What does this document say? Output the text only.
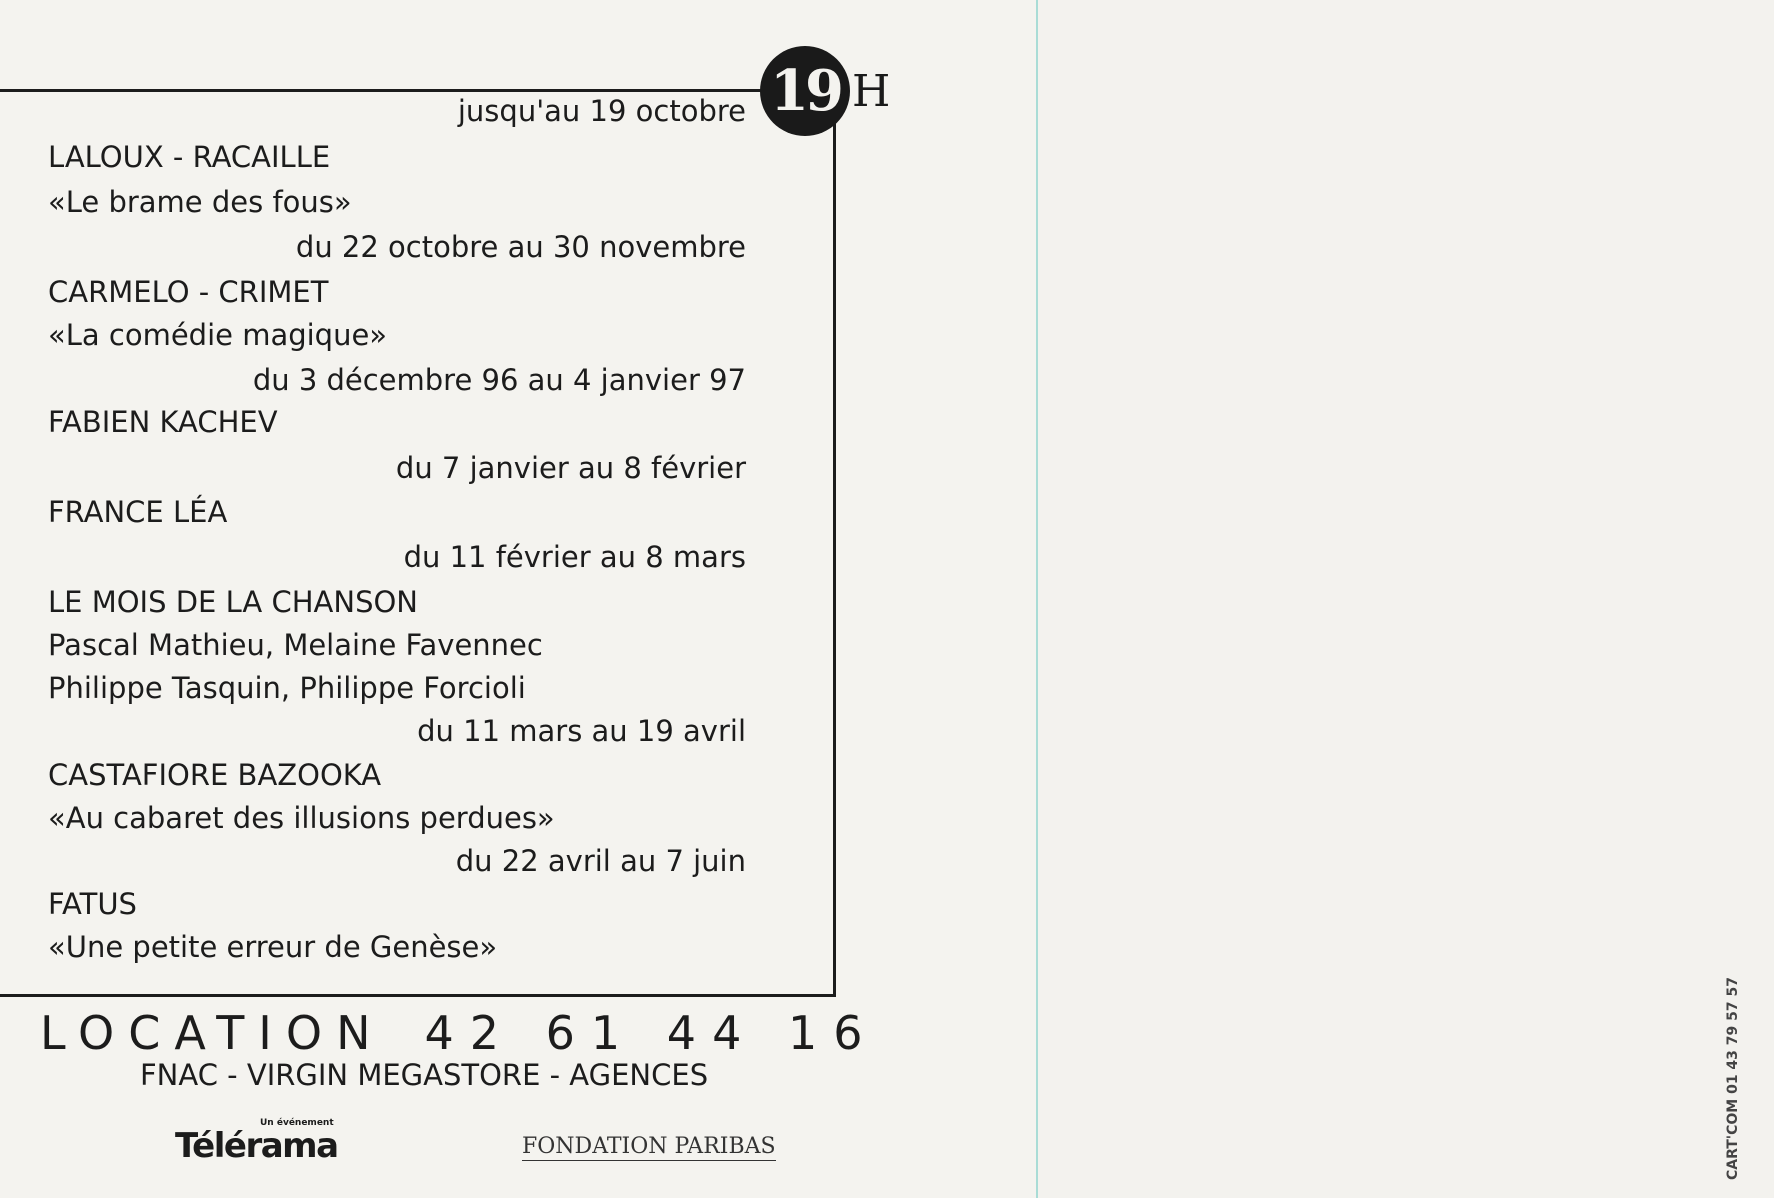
19 H
jusqu'au 19 octobre
LALOUX - RACAILLE
«Le brame des fous»
du 22 octobre au 30 novembre
CARMELO - CRIMET
«La comédie magique»
du 3 décembre 96 au 4 janvier 97
FABIEN KACHEV
du 7 janvier au 8 février
FRANCE LÉA
du 11 février au 8 mars
LE MOIS DE LA CHANSON
Pascal Mathieu, Melaine Favennec
Philippe Tasquin, Philippe Forcioli
du 11 mars au 19 avril
CASTAFIORE BAZOOKA
«Au cabaret des illusions perdues»
du 22 avril au 7 juin
FATUS
«Une petite erreur de Genèse»
LOCATION 42 61 44 16
FNAC - VIRGIN MEGASTORE - AGENCES
Un événement
Télérama	FONDATION PARIBAS	CART'COM 01 43 79 57 57
